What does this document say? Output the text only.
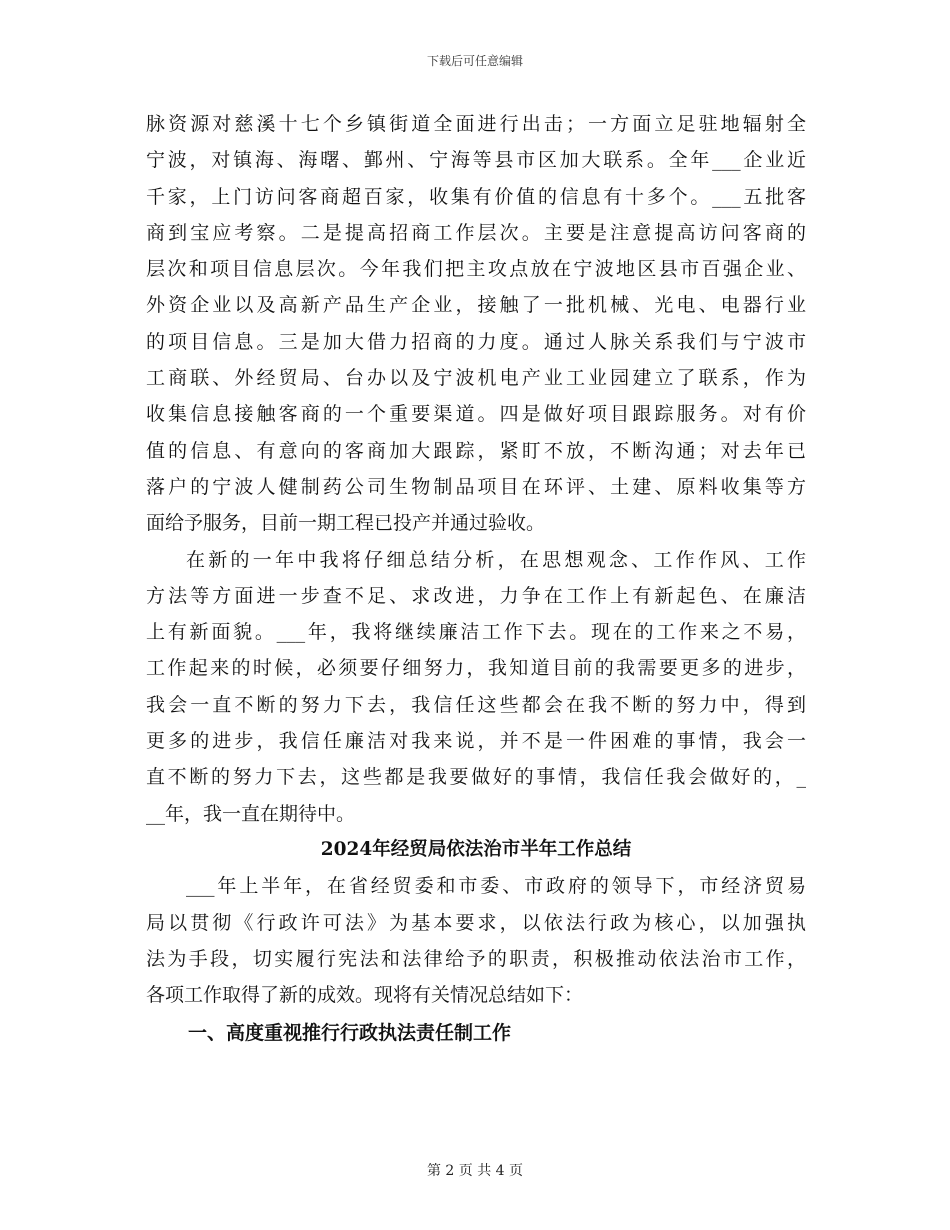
下载后可任意编辑
脉资源对慈溪十七个乡镇街道全面进行出击；一方面立足驻地辐射全
宁波，对镇海、海曙、鄞州、宁海等县市区加大联系。全年___企业近
千家，上门访问客商超百家，收集有价值的信息有十多个。___五批客
商到宝应考察。二是提高招商工作层次。主要是注意提高访问客商的
层次和项目信息层次。今年我们把主攻点放在宁波地区县市百强企业、
外资企业以及高新产品生产企业，接触了一批机械、光电、电器行业
的项目信息。三是加大借力招商的力度。通过人脉关系我们与宁波市
工商联、外经贸局、台办以及宁波机电产业工业园建立了联系，作为
收集信息接触客商的一个重要渠道。四是做好项目跟踪服务。对有价
值的信息、有意向的客商加大跟踪，紧盯不放，不断沟通；对去年已
落户的宁波人健制药公司生物制品项目在环评、土建、原料收集等方
面给予服务，目前一期工程已投产并通过验收。
在新的一年中我将仔细总结分析，在思想观念、工作作风、工作
方法等方面进一步查不足、求改进，力争在工作上有新起色、在廉洁
上有新面貌。___年，我将继续廉洁工作下去。现在的工作来之不易，
工作起来的时候，必须要仔细努力，我知道目前的我需要更多的进步，
我会一直不断的努力下去，我信任这些都会在我不断的努力中，得到
更多的进步，我信任廉洁对我来说，并不是一件困难的事情，我会一
直不断的努力下去，这些都是我要做好的事情，我信任我会做好的，_
__年，我一直在期待中。
2024年经贸局依法治市半年工作总结
___年上半年，在省经贸委和市委、市政府的领导下，市经济贸易
局以贯彻《行政许可法》为基本要求，以依法行政为核心，以加强执
法为手段，切实履行宪法和法律给予的职责，积极推动依法治市工作，
各项工作取得了新的成效。现将有关情况总结如下：
一、高度重视推行行政执法责任制工作
第 2 页 共 4 页
